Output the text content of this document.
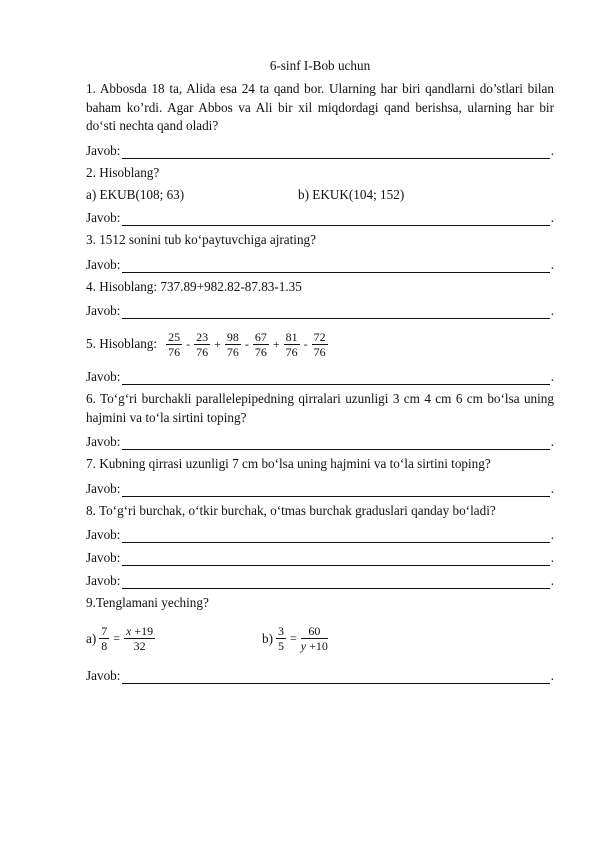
6-sinf I-Bob uchun

1. Abbosda 18 ta, Alida esa 24 ta qand bor. Ularning har biri qandlarni do’stlari bilan baham ko’rdi. Agar Abbos va Ali bir xil miqdordagi qand berishsa, ularning har bir do‘sti nechta qand oladi?

Javob:	.

2. Hisoblang?

a) EKUB(108; 63)	b) EKUK(104; 152)
Javob:	.

3. 1512 sonini tub ko‘paytuvchiga ajrating?

Javob:	.

4. Hisoblang: 737.89+982.82-87.83-1.35

Javob:	.
5. Hisoblang: $\frac{25}{76} - \frac{23}{76} + \frac{98}{76} - \frac{67}{76} + \frac{81}{76} - \frac{72}{76}$
Javob:	.

6. To‘g‘ri burchakli parallelepipedning qirralari uzunligi 3 cm 4 cm 6 cm bo‘lsa uning hajmini va to‘la sirtini toping?

Javob:	.

7. Kubning qirrasi uzunligi 7 cm bo‘lsa uning hajmini va to‘la sirtini toping?

Javob:	.

8. To‘g‘ri burchak, o‘tkir burchak, o‘tmas burchak graduslari qanday bo‘ladi?

Javob:	.
Javob:	.
Javob:	.

9.Tenglamani yeching?

$a) \frac{7}{8} = \frac{x +19}{32}$	$b) \frac{3}{5} = \frac{60}{y +10}$
Javob:	.
